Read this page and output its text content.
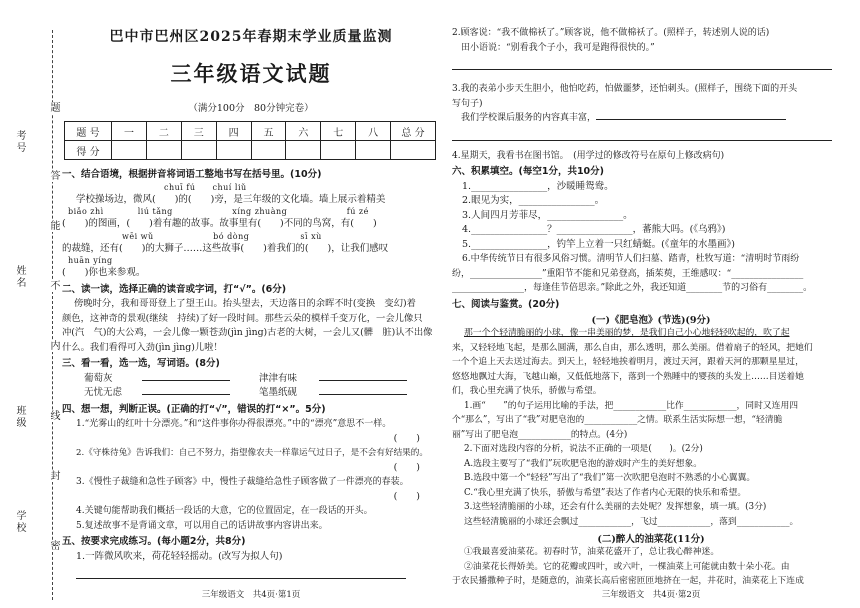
考号
姓名
班级
学校
题
答
能
不
内
线
封
密
巴中市巴州区2025年春期末学业质量监测
三年级语文试题
（满分100分　80分钟完卷）
题 号	一	二	三	四	五	六	七	八	总 分
得 分									
一、结合语境，根据拼音将词语工整地书写在括号里。(10分)
chuī fú　　chuí liǔ
学校操场边，微风(　　)的(　　)旁，是三年级的文化墙。墙上展示着精美
biǎo zhì　　　　liú tǎng　　　　　　　xíng zhuàng　　　　　　　fú zé
(　　)的图画，(　　)着有趣的故事。故事里有(　　)不同的鸟窝，有(　　)
wēi wǔ　　　　　　　bó dòng　　　　　　sī xù
的裁缝，还有(　　)的大狮子……这些故事(　　)着我们的(　　)，让我们感叹
huān yíng
(　　)你也来参观。
二、读一读，选择正确的读音或字词，打“√”。(6分)
傍晚时分，我和哥哥登上了望王山。抬头望去，天边落日的余晖不时(变换　变幻)着
颜色，这神奇的景观(继续　持续)了好一段时间。那些云朵的模样千变万化，一会儿像只
冲(汽　气)的大公鸡，一会儿像一颗苍劲(jìn jìng)古老的大树，一会儿又(髒　脏)认不出像
什么。我们看得可入劲(jìn jìng)儿啦！
三、看一看，选一选，写词语。(8分)
葡萄灰	津津有味
无忧无虑	笔墨纸砚
四、想一想，判断正误。(正确的打“√”，错误的打“×”。5分)
1.“光雾山的红叶十分漂亮。”和“这件事你办得很漂亮。”中的“漂亮”意思不一样。
(　　)
2.《守株待兔》告诉我们：自己不努力，指望像农夫一样靠运气过日子，是不会有好结果的。
(　　)
3.《慢性子裁缝和急性子顾客》中，慢性子裁缝给急性子顾客做了一件漂亮的春装。
(　　)
4.关键句能帮助我们概括一段话的大意，它的位置固定，在一段话的开头。
5.复述故事不是背诵文章，可以用自己的话讲故事内容讲出来。
五、按要求完成练习。(每小题2分，共8分)
1.一阵微风吹来，荷花轻轻摇动。(改写为拟人句)
三年级语文　共4页·第1页
2.顾客说：“我不做棉袄了。”顾客说，他不做棉袄了。(照样子，转述别人说的话)
　田小语说：“别看我个子小，我可是跑得很快的。”
3.我的表弟小步天生胆小，他怕吃药，怕做噩梦，还怕刺头。(照样子，围绕下面的开头
写句子)
　我们学校课后服务的内容真丰富，
4.星期天，我看书在图书馆。　(用学过的修改符号在原句上修改病句)
六、积累填空。(每空1分，共10分)
1.________________，沙暖睡鸳鸯。
2.眼见为实，________________。
3.人间四月芳菲尽，________________。
4.________________？________________，蕃熊大吗。(《乌鸦》)
5.________________，钓竿上立着一只红蜻蜓。(《童年的水墨画》)
6.中华传统节日有很多风俗习惯。清明节人们扫墓、踏青，杜牧写道：“清明时节雨纷
纷，________________”重阳节不能和兄弟登高，插茱萸，王维感叹：“________________
________________，每逢佳节倍思亲。”除此之外，我还知道________节的习俗有________。
七、阅读与鉴赏。(20分)
(一)《肥皂泡》(节选)(9分)
那一个个轻清脆丽的小球，像一串美丽的梦，是我们自己小心地轻轻吹起的，吹了起
来，又轻轻地飞起，是那么圆满，那么自由，那么透明，那么美丽。借着扇子的轻风，把她们
一个个追上天去送过海去。到天上，轻轻地挨着明月，渡过天河，跟着天河的那颗星星过，
悠悠地飘过大海，飞越山巅，又低低地落下，落到一个熟睡中的婴孩的头发上……目送着她
们，我心里充满了快乐，骄傲与希望。
1.画“　　”的句子运用比喻的手法，把____________比作____________，同时又连用四
个“那么”，写出了“我”对肥皂泡的____________之情。联系生活实际想一想，“轻清脆
丽”写出了肥皂泡____________的特点。(4分)
2.下面对选段内容的分析，说法不正确的一项是(　　)。(2分)
A.选段主要写了“我们”玩吹肥皂泡的游戏时产生的美好想象。
B.选段中第一个“轻轻”写出了“我们”第一次吹肥皂泡时不熟悉的小心翼翼。
C.“我心里充满了快乐，骄傲与希望”表达了作者内心无限的快乐和希望。
3.这些轻清脆丽的小球，还会有什么美丽的去处呢？发挥想象，填一填。(3分)
这些轻清脆丽的小球还会飘过____________，飞过____________，落到____________。
(二)醉人的油菜花(11分)
①我最喜爱油菜花。初春时节，油菜花盛开了，总让我心醉神迷。
②油菜花长得娇美。它的花瓣或四叶，或六叶，一棵油菜上可能就由数十朵小花。由
于农民播撒种子时，是随意的，油菜长高后密密匝匝地挤在一起，井花时，油菜花上下连成
三年级语文　共4页·第2页
